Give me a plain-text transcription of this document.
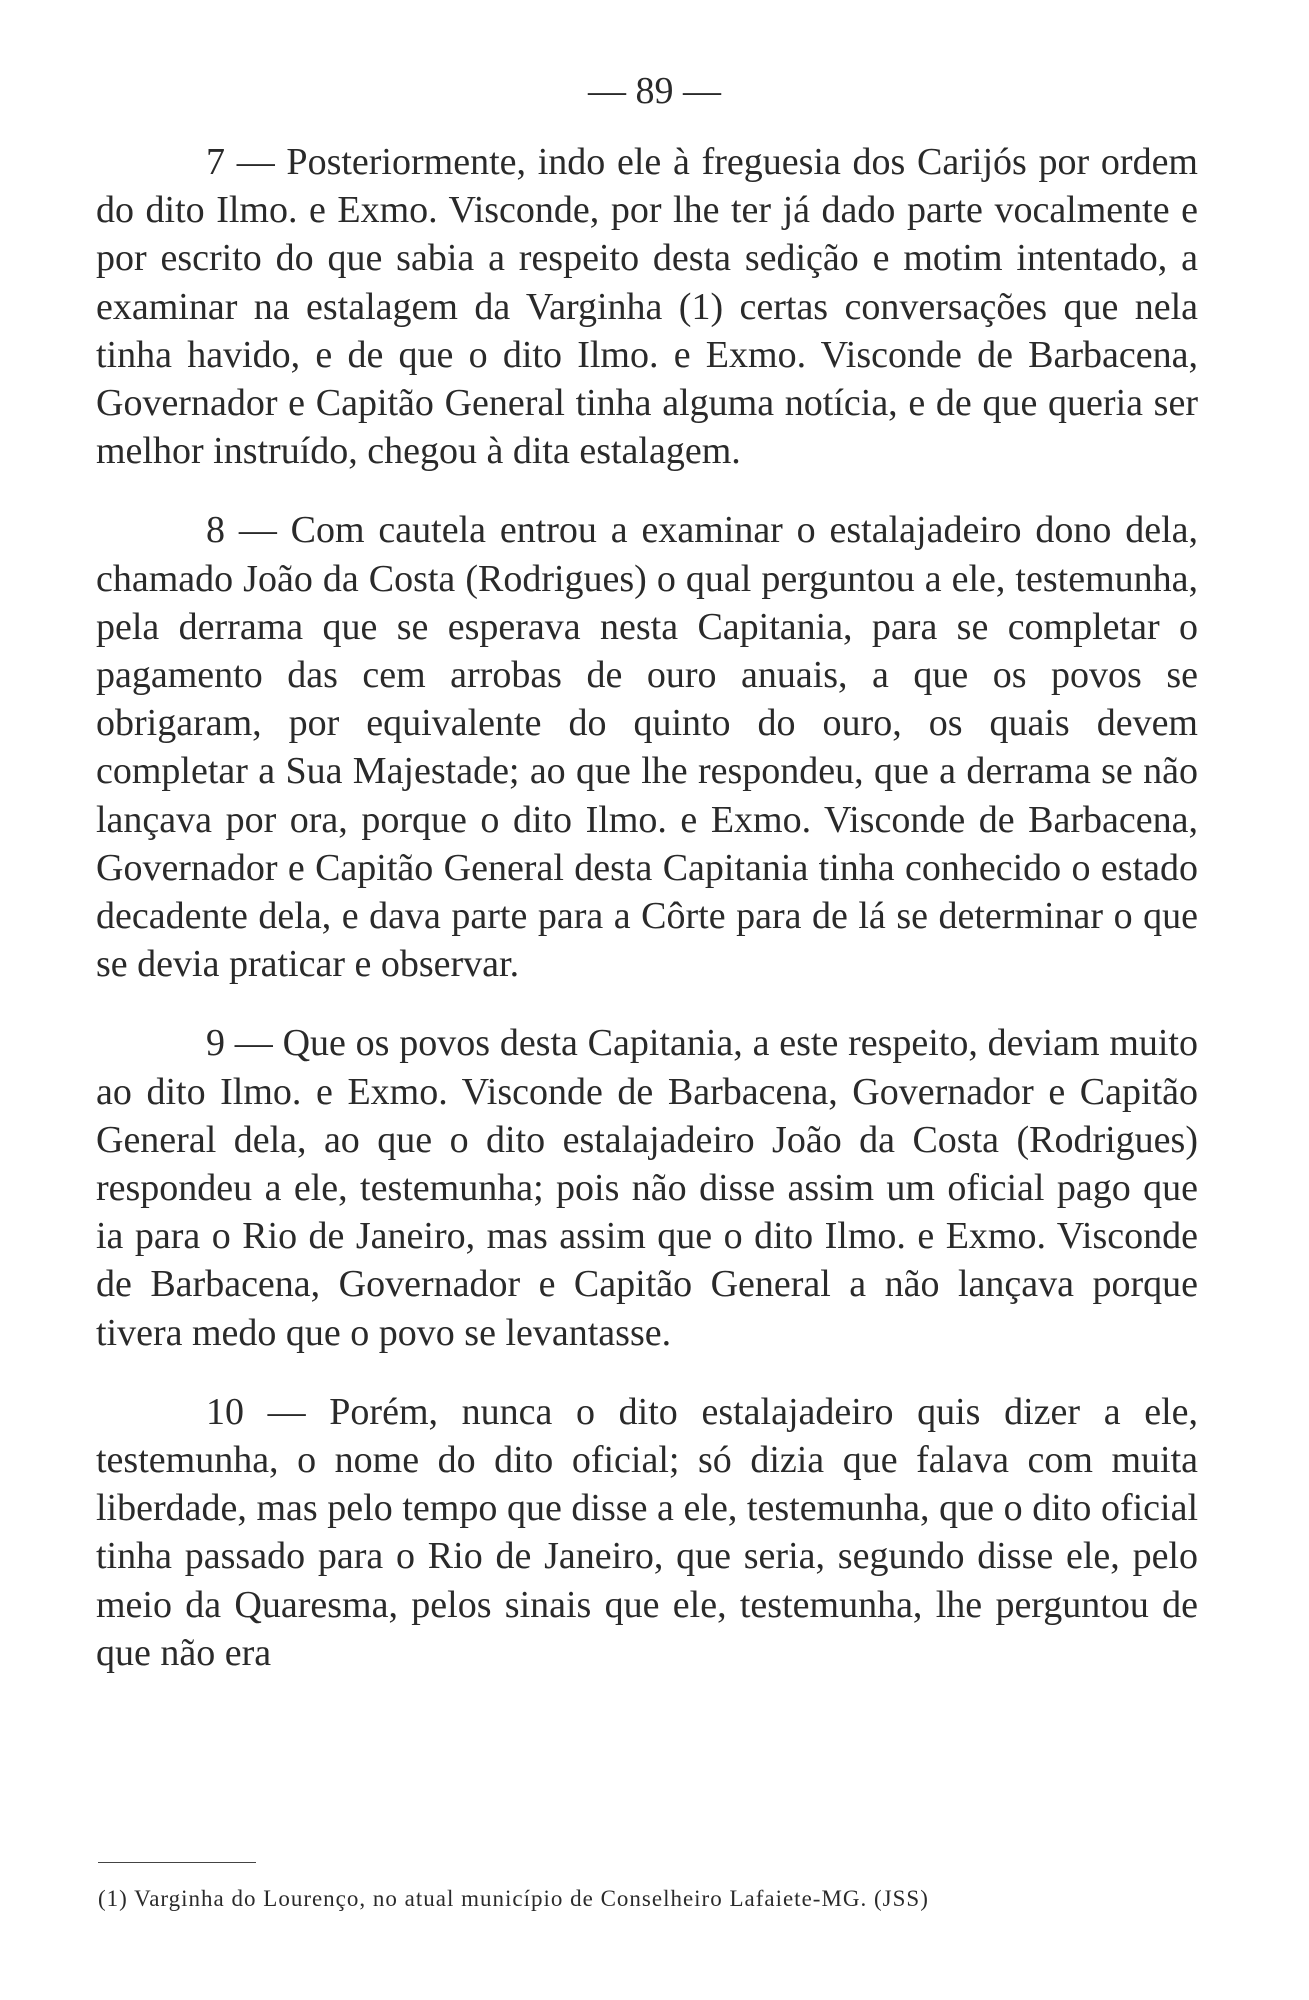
— 89 —

7 — Posteriormente, indo ele à freguesia dos Carijós por ordem do dito Ilmo. e Exmo. Visconde, por lhe ter já dado parte vocalmente e por escrito do que sabia a respeito desta sedição e motim intentado, a examinar na estalagem da Varginha (1) certas conversações que nela tinha havido, e de que o dito Ilmo. e Exmo. Visconde de Barbacena, Governador e Capitão General tinha alguma notícia, e de que queria ser melhor instruído, chegou à dita estalagem.

8 — Com cautela entrou a examinar o estalajadeiro dono dela, chamado João da Costa (Rodrigues) o qual perguntou a ele, testemunha, pela derrama que se esperava nesta Capitania, para se completar o pagamento das cem arrobas de ouro anuais, a que os povos se obrigaram, por equivalente do quinto do ouro, os quais devem completar a Sua Majestade; ao que lhe respondeu, que a derrama se não lançava por ora, porque o dito Ilmo. e Exmo. Visconde de Barbacena, Governador e Capitão General desta Capitania tinha conhecido o estado decadente dela, e dava parte para a Côrte para de lá se determinar o que se devia praticar e observar.

9 — Que os povos desta Capitania, a este respeito, deviam muito ao dito Ilmo. e Exmo. Visconde de Barbacena, Governador e Capitão General dela, ao que o dito estalajadeiro João da Costa (Rodrigues) respondeu a ele, testemunha; pois não disse assim um oficial pago que ia para o Rio de Janeiro, mas assim que o dito Ilmo. e Exmo. Visconde de Barbacena, Governador e Capitão General a não lançava porque tivera medo que o povo se levantasse.

10 — Porém, nunca o dito estalajadeiro quis dizer a ele, testemunha, o nome do dito oficial; só dizia que falava com muita liberdade, mas pelo tempo que disse a ele, testemunha, que o dito oficial tinha passado para o Rio de Janeiro, que seria, segundo disse ele, pelo meio da Quaresma, pelos sinais que ele, testemunha, lhe perguntou de que não era

(1) Varginha do Lourenço, no atual município de Conselheiro Lafaiete-MG. (JSS)
